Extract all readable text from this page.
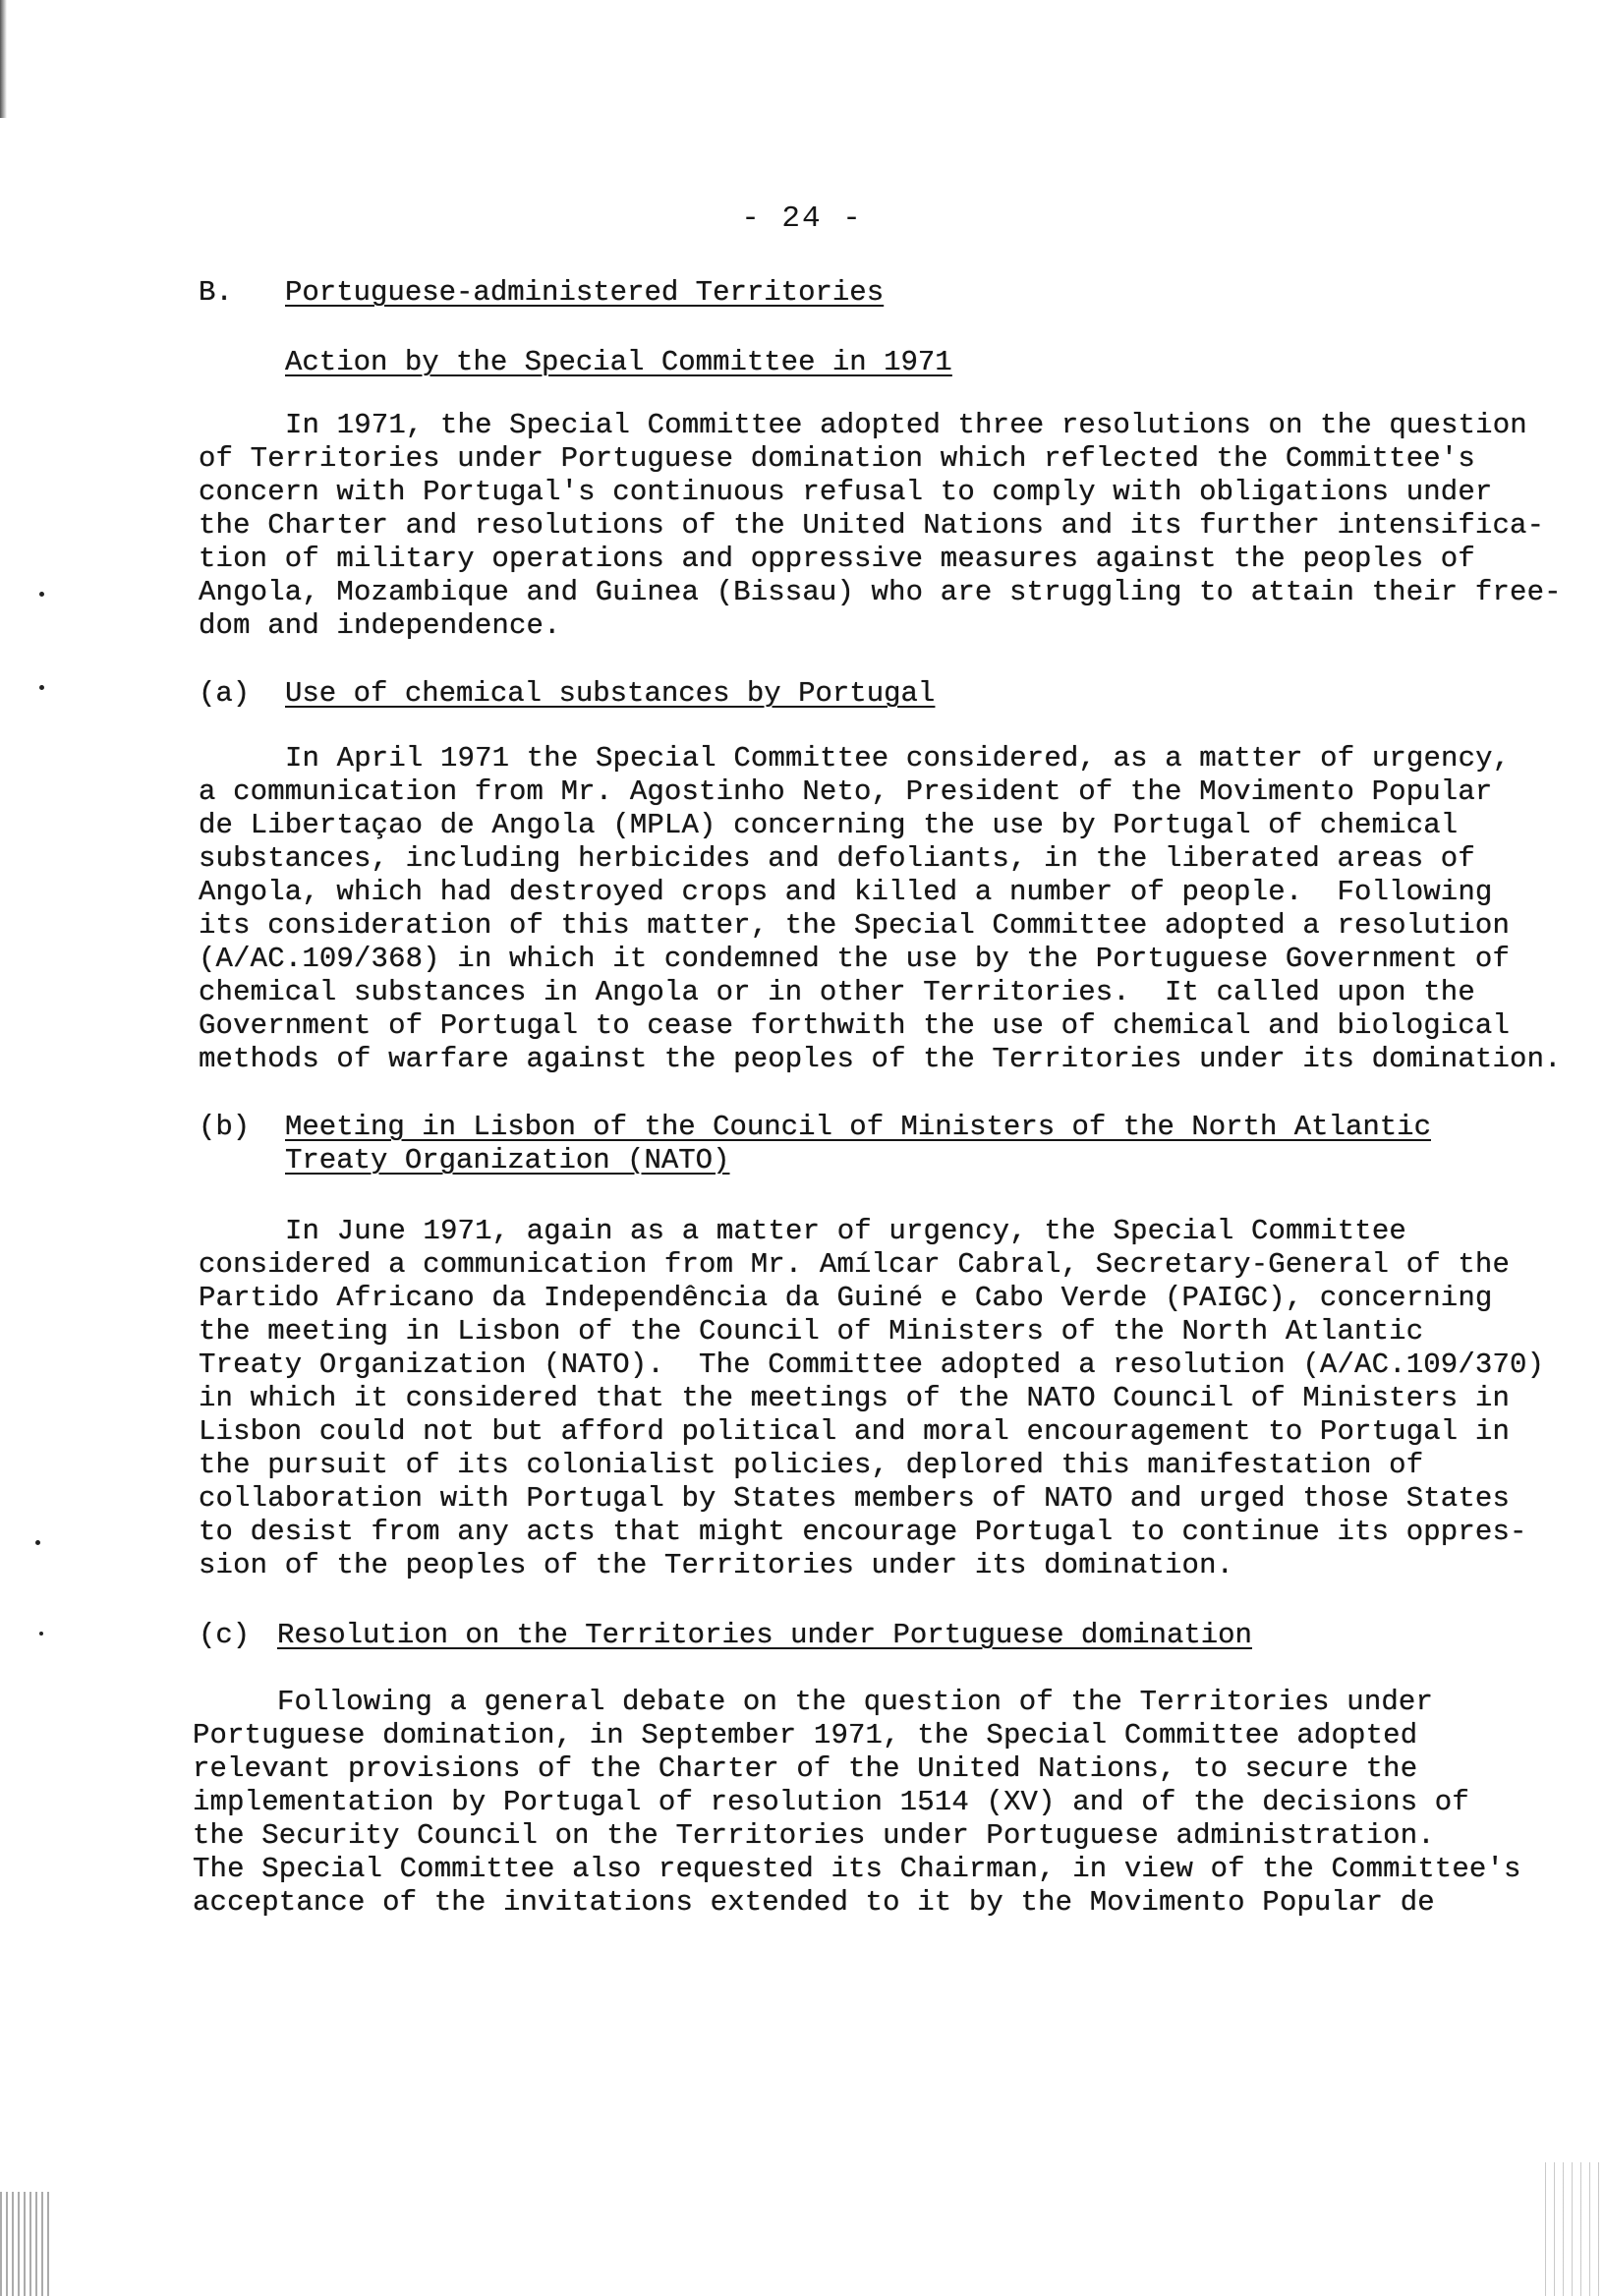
- 24 -
B. Portuguese-administered Territories
Action by the Special Committee in 1971
In 1971, the Special Committee adopted three resolutions on the question
of Territories under Portuguese domination which reflected the Committee's
concern with Portugal's continuous refusal to comply with obligations under
the Charter and resolutions of the United Nations and its further intensifica-
tion of military operations and oppressive measures against the peoples of
Angola, Mozambique and Guinea (Bissau) who are struggling to attain their free-
dom and independence.
(a) Use of chemical substances by Portugal
In April 1971 the Special Committee considered, as a matter of urgency,
a communication from Mr. Agostinho Neto, President of the Movimento Popular
de Libertaçao de Angola (MPLA) concerning the use by Portugal of chemical
substances, including herbicides and defoliants, in the liberated areas of
Angola, which had destroyed crops and killed a number of people.  Following
its consideration of this matter, the Special Committee adopted a resolution
(A/AC.109/368) in which it condemned the use by the Portuguese Government of
chemical substances in Angola or in other Territories.  It called upon the
Government of Portugal to cease forthwith the use of chemical and biological
methods of warfare against the peoples of the Territories under its domination.
(b) Meeting in Lisbon of the Council of Ministers of the North Atlantic
Treaty Organization (NATO)
In June 1971, again as a matter of urgency, the Special Committee
considered a communication from Mr. Amílcar Cabral, Secretary-General of the
Partido Africano da Independência da Guiné e Cabo Verde (PAIGC), concerning
the meeting in Lisbon of the Council of Ministers of the North Atlantic
Treaty Organization (NATO).  The Committee adopted a resolution (A/AC.109/370)
in which it considered that the meetings of the NATO Council of Ministers in
Lisbon could not but afford political and moral encouragement to Portugal in
the pursuit of its colonialist policies, deplored this manifestation of
collaboration with Portugal by States members of NATO and urged those States
to desist from any acts that might encourage Portugal to continue its oppres-
sion of the peoples of the Territories under its domination.
(c) Resolution on the Territories under Portuguese domination
Following a general debate on the question of the Territories under
Portuguese domination, in September 1971, the Special Committee adopted
relevant provisions of the Charter of the United Nations, to secure the
implementation by Portugal of resolution 1514 (XV) and of the decisions of
the Security Council on the Territories under Portuguese administration.
The Special Committee also requested its Chairman, in view of the Committee's
acceptance of the invitations extended to it by the Movimento Popular de
